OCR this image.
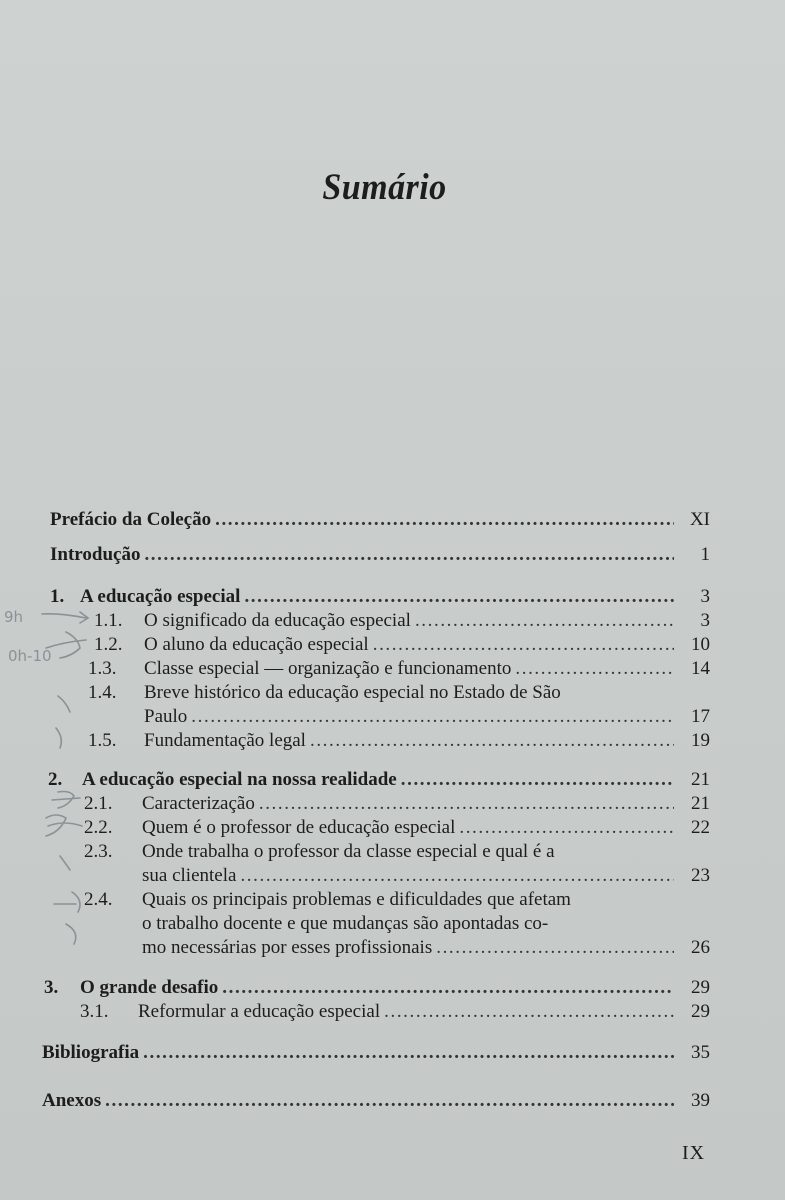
Sumário
Prefácio da Coleção .....	XI
Introdução .....	1
1. A educação especial .....	3
1.1.	O significado da educação especial .....	3
1.2.	O aluno da educação especial .....	10
1.3.	Classe especial — organização e funcionamento .....	14
1.4. Breve histórico da educação especial no Estado de São
Paulo .....	17
1.5.	Fundamentação legal .....	19
2.	A educação especial na nossa realidade .....	21
2.1.	Caracterização .....	21
2.2.	Quem é o professor de educação especial .....	22
2.3. Onde trabalha o professor da classe especial e qual é a
sua clientela .....	23
2.4. Quais os principais problemas e dificuldades que afetam
o trabalho docente e que mudanças são apontadas co-
mo necessárias por esses profissionais .....	26
3.	O grande desafio .....	29
3.1.	Reformular a educação especial .....	29
Bibliografia .....	35
Anexos .....	39
9h
0h-10
IX
